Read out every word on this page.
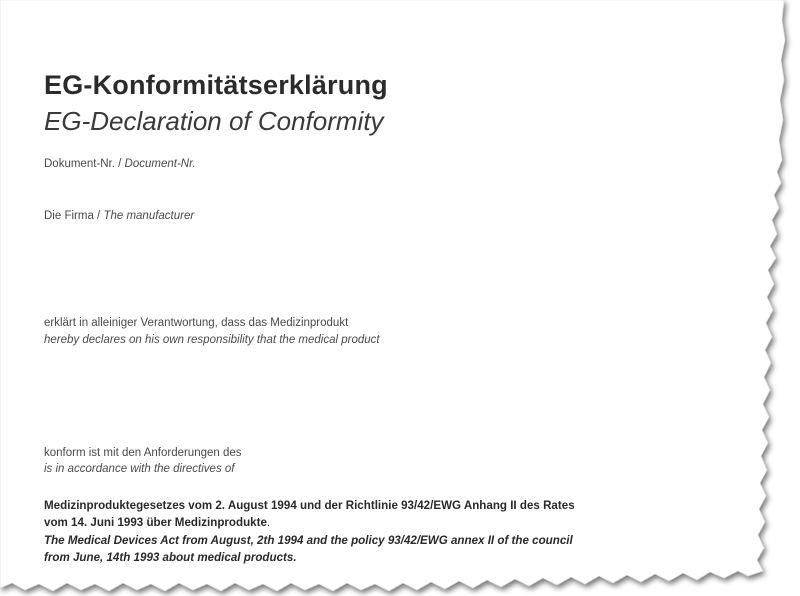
EG-Konformitätserklärung
EG-Declaration of Conformity
Dokument-Nr. / Document-Nr.
Die Firma / The manufacturer
erklärt in alleiniger Verantwortung, dass das Medizinprodukt
hereby declares on his own responsibility that the medical product
konform ist mit den Anforderungen des
is in accordance with the directives of
Medizinproduktegesetzes vom 2. August 1994 und der Richtlinie 93/42/EWG Anhang II des Rates
vom 14. Juni 1993 über Medizinprodukte.
The Medical Devices Act from August, 2th 1994 and the policy 93/42/EWG annex II of the council
from June, 14th 1993 about medical products.
